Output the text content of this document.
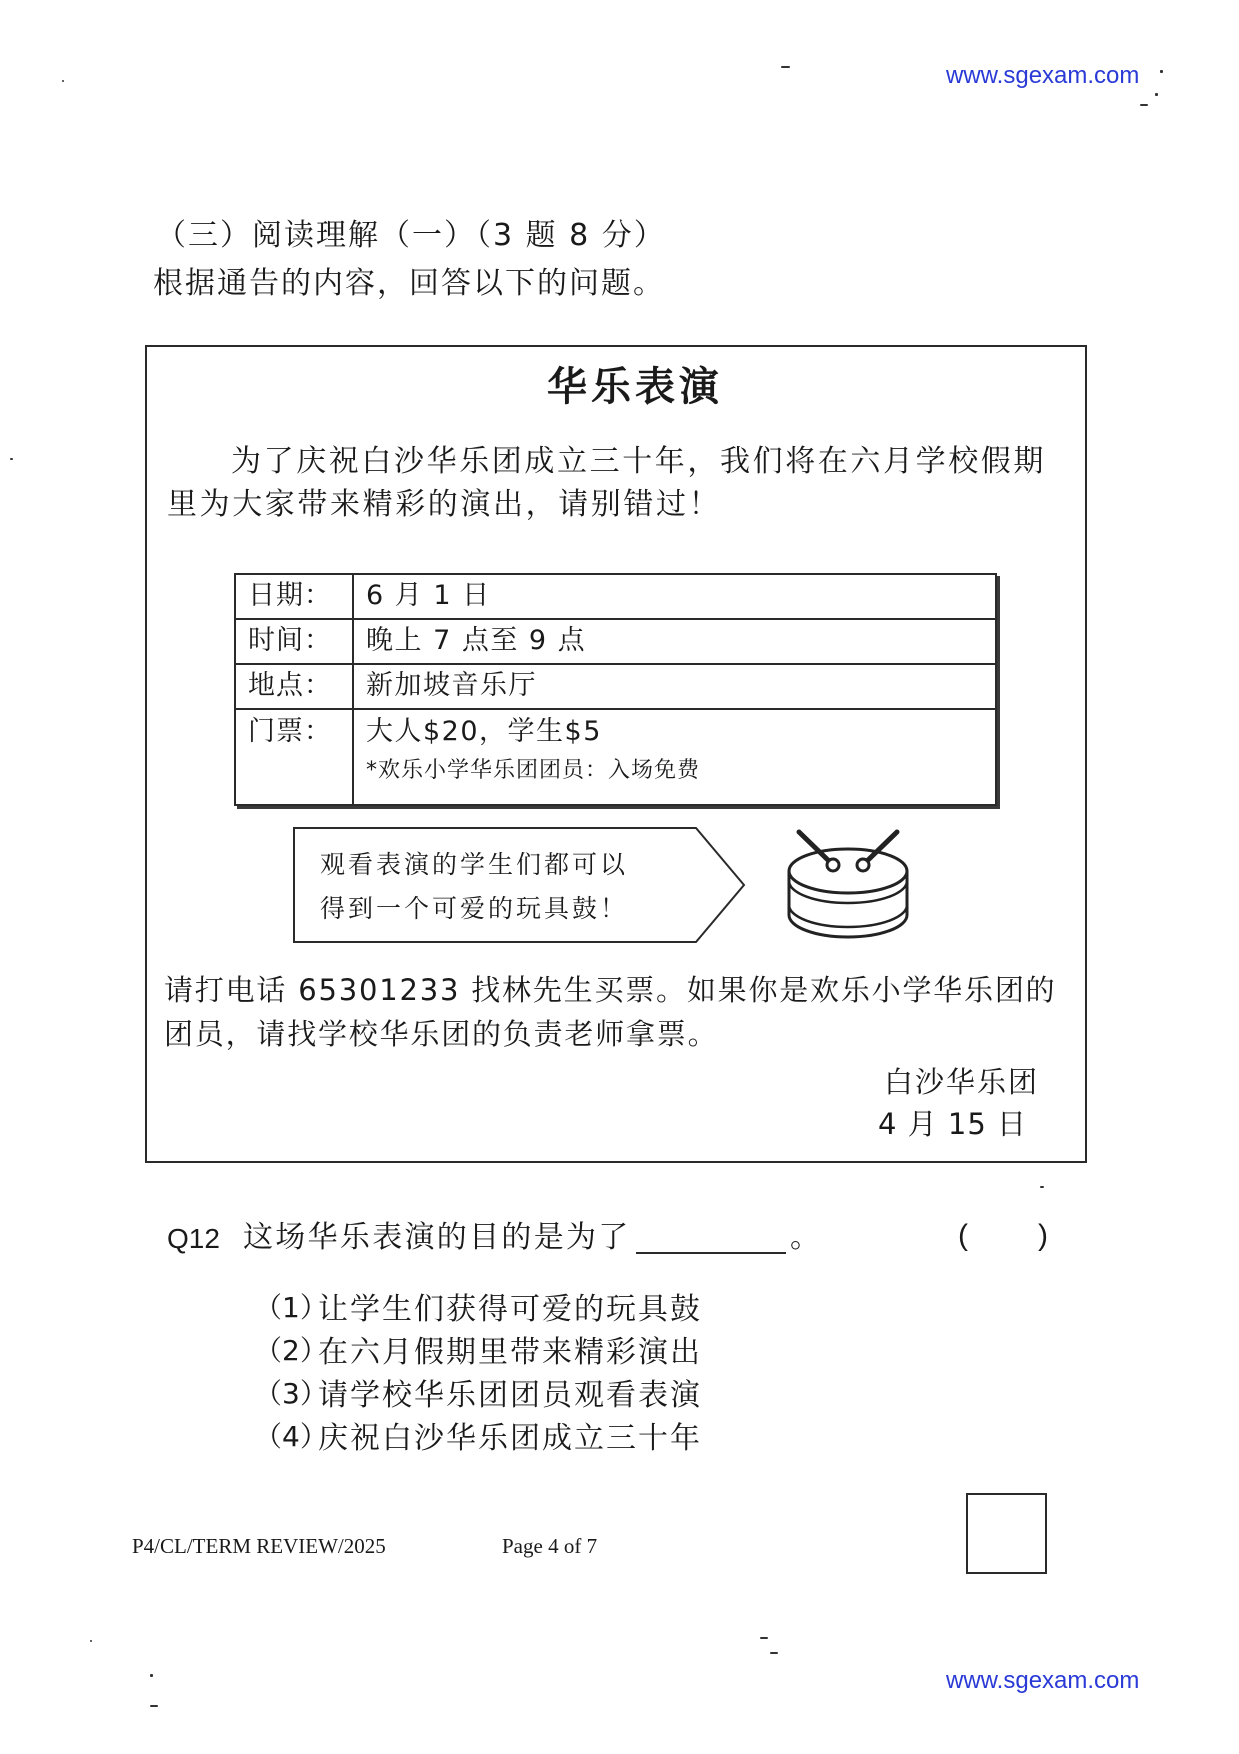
www.sgexam.com
（三）阅读理解（一）（3 题 8 分）
根据通告的内容，回答以下的问题。
华乐表演
为了庆祝白沙华乐团成立三十年，我们将在六月学校假期
里为大家带来精彩的演出，请别错过！
日期：	6 月 1 日
时间：	晚上 7 点至 9 点
地点：	新加坡音乐厅
门票：	大人$20，学生$5
*欢乐小学华乐团团员：入场免费
观看表演的学生们都可以
得到一个可爱的玩具鼓！
请打电话 65301233 找林先生买票。如果你是欢乐小学华乐团的
团员，请找学校华乐团的负责老师拿票。
白沙华乐团
4 月 15 日
Q12 这场华乐表演的目的是为了	。	( )
（1）
让学生们获得可爱的玩具鼓
（2）
在六月假期里带来精彩演出
（3）
请学校华乐团团员观看表演
（4）
庆祝白沙华乐团成立三十年
P4/CL/TERM REVIEW/2025	Page 4 of 7
www.sgexam.com
